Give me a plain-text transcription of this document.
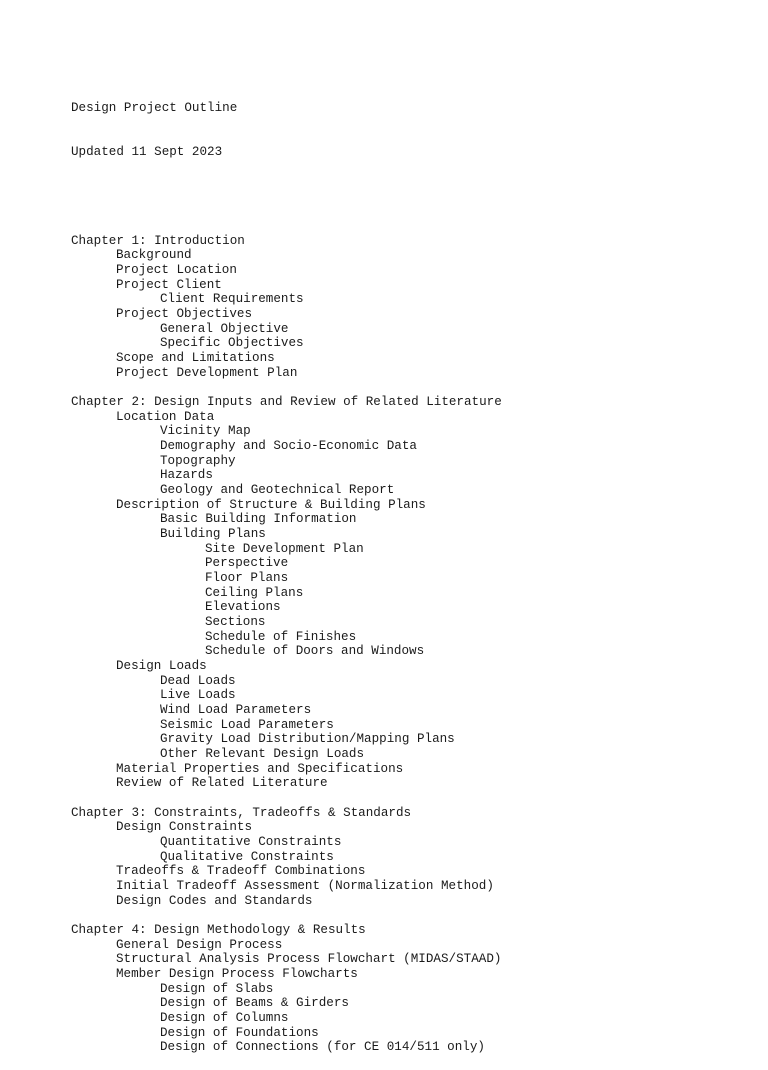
Design Project Outline

Updated 11 Sept 2023

Chapter 1: Introduction
Background
Project Location
Project Client
Client Requirements
Project Objectives
General Objective
Specific Objectives
Scope and Limitations
Project Development Plan
Chapter 2: Design Inputs and Review of Related Literature
Location Data
Vicinity Map
Demography and Socio-Economic Data
Topography
Hazards
Geology and Geotechnical Report
Description of Structure & Building Plans
Basic Building Information
Building Plans
Site Development Plan
Perspective
Floor Plans
Ceiling Plans
Elevations
Sections
Schedule of Finishes
Schedule of Doors and Windows
Design Loads
Dead Loads
Live Loads
Wind Load Parameters
Seismic Load Parameters
Gravity Load Distribution/Mapping Plans
Other Relevant Design Loads
Material Properties and Specifications
Review of Related Literature
Chapter 3: Constraints, Tradeoffs & Standards
Design Constraints
Quantitative Constraints
Qualitative Constraints
Tradeoffs & Tradeoff Combinations
Initial Tradeoff Assessment (Normalization Method)
Design Codes and Standards
Chapter 4: Design Methodology & Results
General Design Process
Structural Analysis Process Flowchart (MIDAS/STAAD)
Member Design Process Flowcharts
Design of Slabs
Design of Beams & Girders
Design of Columns
Design of Foundations
Design of Connections (for CE 014/511 only)
